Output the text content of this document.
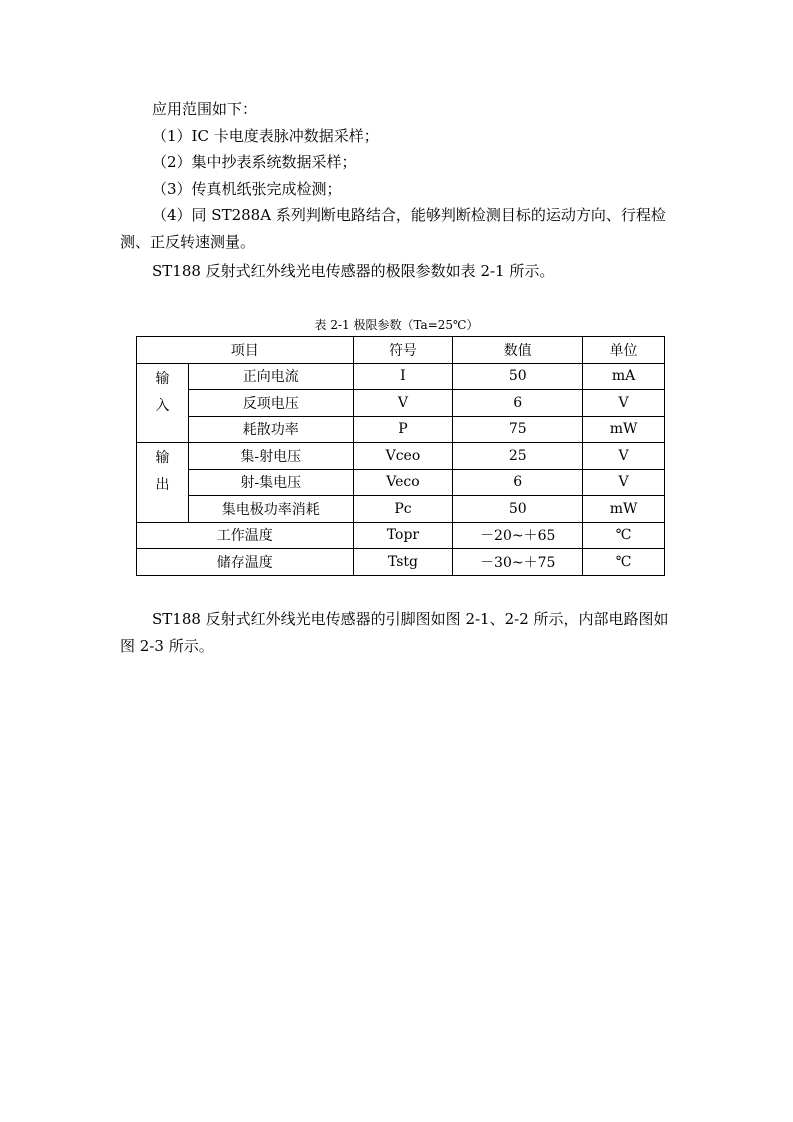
应用范围如下：

（1）IC 卡电度表脉冲数据采样；

（2）集中抄表系统数据采样；

（3）传真机纸张完成检测；

（4）同 ST288A 系列判断电路结合，能够判断检测目标的运动方向、行程检测、正反转速测量。

ST188 反射式红外线光电传感器的极限参数如表 2-1 所示。

表 2-1 极限参数（Ta=25℃）
项目		符号	数值	单位

输
入	正向电流	I	50	mA
	反项电压	V	6	V
	耗散功率	P	75	mW

输
出	集-射电压	Vceo	25	V
	射-集电压	Veco	6	V
	集电极功率消耗	Pc	50	mW
工作温度		Topr	－20~＋65	℃
储存温度		Tstg	－30~＋75	℃

ST188 反射式红外线光电传感器的引脚图如图 2-1、2-2 所示，内部电路图如图 2-3 所示。
